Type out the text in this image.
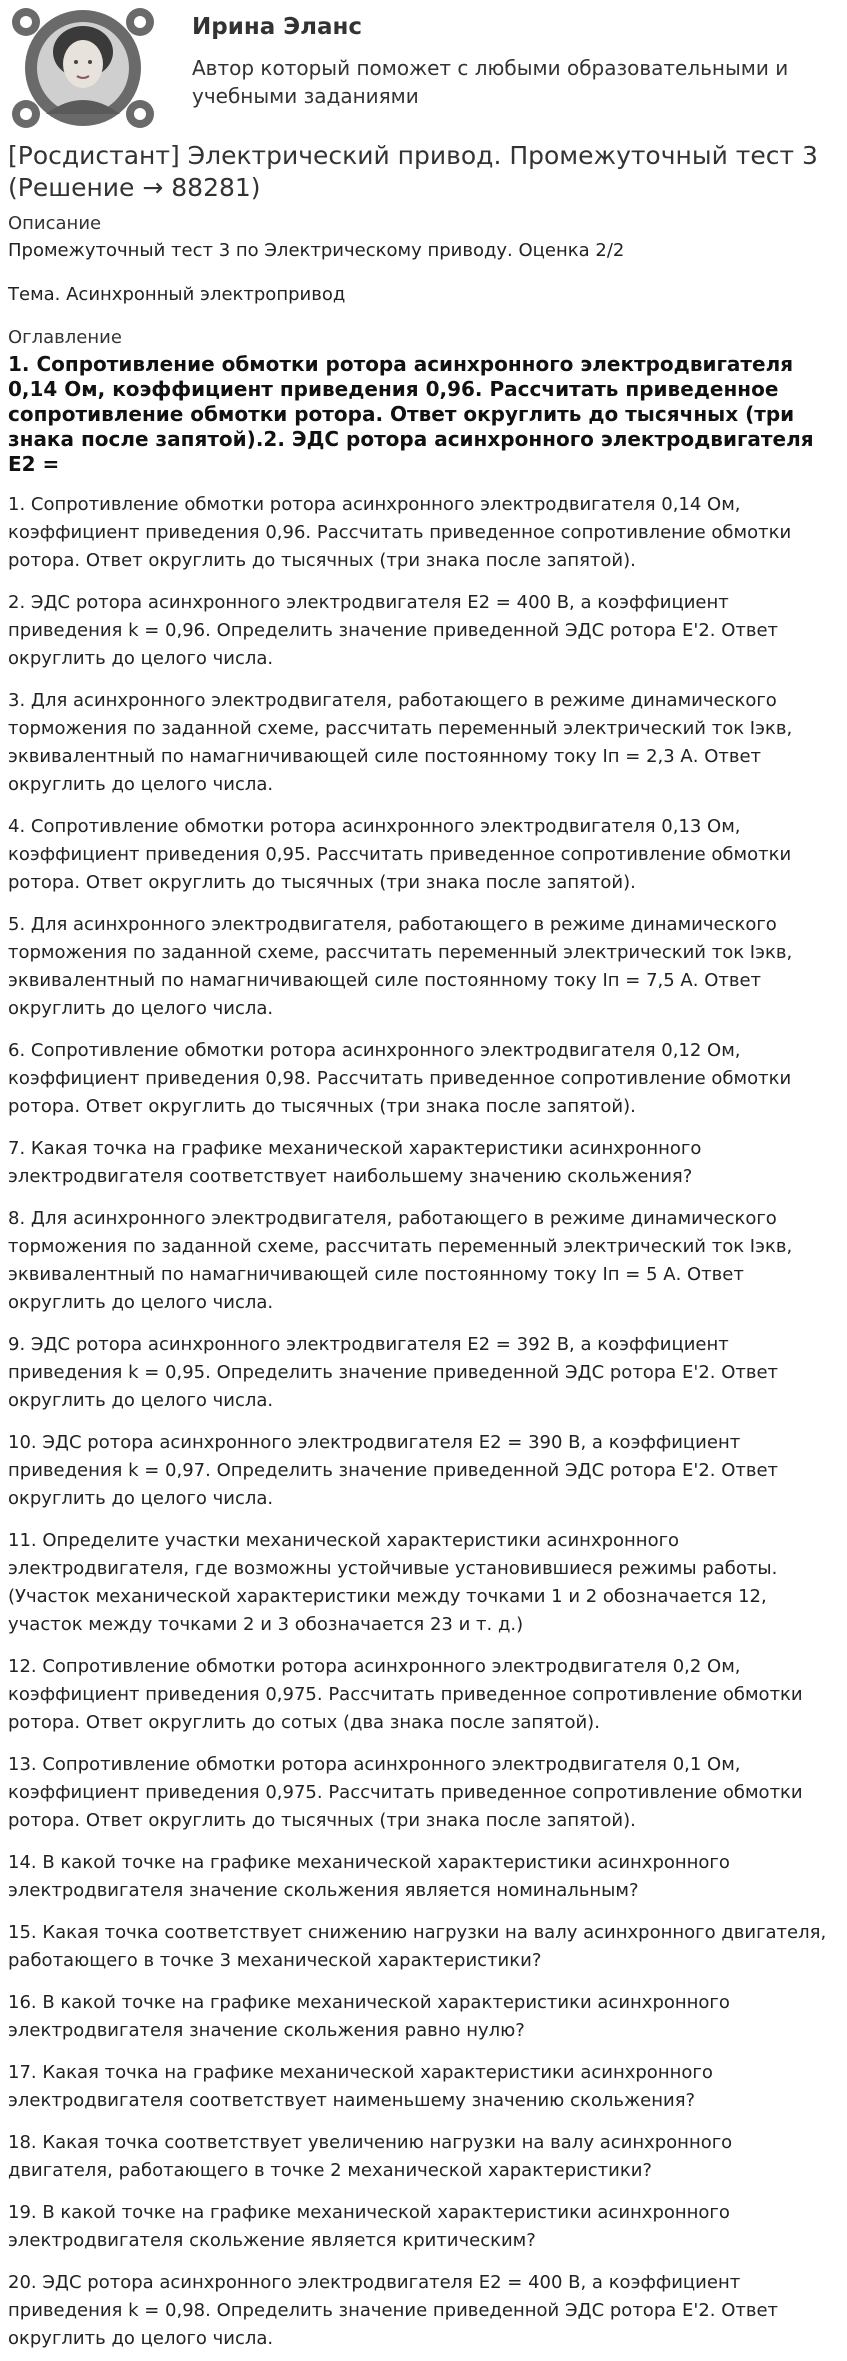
Ирина Эланс
Автор который поможет с любыми образовательными и учебными заданиями
[Росдистант] Электрический привод. Промежуточный тест 3 (Решение → 88281)
Описание
Промежуточный тест 3 по Электрическому приводу. Оценка 2/2
Тема. Асинхронный электропривод
Оглавление
1. Сопротивление обмотки ротора асинхронного электродвигателя 0,14 Ом, коэффициент приведения 0,96. Рассчитать приведенное сопротивление обмотки ротора. Ответ округлить до тысячных (три знака после запятой).2. ЭДС ротора асинхронного электродвигателя Е2 =
1. Сопротивление обмотки ротора асинхронного электродвигателя 0,14 Ом, коэффициент приведения 0,96. Рассчитать приведенное сопротивление обмотки ротора. Ответ округлить до тысячных (три знака после запятой).
2. ЭДС ротора асинхронного электродвигателя Е2 = 400 В, а коэффициент приведения k = 0,96. Определить значение приведенной ЭДС ротора Е'2. Ответ округлить до целого числа.
3. Для асинхронного электродвигателя, работающего в режиме динамического торможения по заданной схеме, рассчитать переменный электрический ток Iэкв, эквивалентный по намагничивающей силе постоянному току Iп = 2,3 А. Ответ округлить до целого числа.
4. Сопротивление обмотки ротора асинхронного электродвигателя 0,13 Ом, коэффициент приведения 0,95. Рассчитать приведенное сопротивление обмотки ротора. Ответ округлить до тысячных (три знака после запятой).
5. Для асинхронного электродвигателя, работающего в режиме динамического торможения по заданной схеме, рассчитать переменный электрический ток Iэкв, эквивалентный по намагничивающей силе постоянному току Iп = 7,5 А. Ответ округлить до целого числа.
6. Сопротивление обмотки ротора асинхронного электродвигателя 0,12 Ом, коэффициент приведения 0,98. Рассчитать приведенное сопротивление обмотки ротора. Ответ округлить до тысячных (три знака после запятой).
7. Какая точка на графике механической характеристики асинхронного электродвигателя соответствует наибольшему значению скольжения?
8. Для асинхронного электродвигателя, работающего в режиме динамического торможения по заданной схеме, рассчитать переменный электрический ток Iэкв, эквивалентный по намагничивающей силе постоянному току Iп = 5 А. Ответ округлить до целого числа.
9. ЭДС ротора асинхронного электродвигателя Е2 = 392 В, а коэффициент приведения k = 0,95. Определить значение приведенной ЭДС ротора Е'2. Ответ округлить до целого числа.
10. ЭДС ротора асинхронного электродвигателя Е2 = 390 В, а коэффициент приведения k = 0,97. Определить значение приведенной ЭДС ротора Е'2. Ответ округлить до целого числа.
11. Определите участки механической характеристики асинхронного электродвигателя, где возможны устойчивые установившиеся режимы работы. (Участок механической характеристики между точками 1 и 2 обозначается 12, участок между точками 2 и 3 обозначается 23 и т. д.)
12. Сопротивление обмотки ротора асинхронного электродвигателя 0,2 Ом, коэффициент приведения 0,975. Рассчитать приведенное сопротивление обмотки ротора. Ответ округлить до сотых (два знака после запятой).
13. Сопротивление обмотки ротора асинхронного электродвигателя 0,1 Ом, коэффициент приведения 0,975. Рассчитать приведенное сопротивление обмотки ротора. Ответ округлить до тысячных (три знака после запятой).
14. В какой точке на графике механической характеристики асинхронного электродвигателя значение скольжения является номинальным?
15. Какая точка соответствует снижению нагрузки на валу асинхронного двигателя, работающего в точке 3 механической характеристики?
16. В какой точке на графике механической характеристики асинхронного электродвигателя значение скольжения равно нулю?
17. Какая точка на графике механической характеристики асинхронного электродвигателя соответствует наименьшему значению скольжения?
18. Какая точка соответствует увеличению нагрузки на валу асинхронного двигателя, работающего в точке 2 механической характеристики?
19. В какой точке на графике механической характеристики асинхронного электродвигателя скольжение является критическим?
20. ЭДС ротора асинхронного электродвигателя Е2 = 400 В, а коэффициент приведения k = 0,98. Определить значение приведенной ЭДС ротора Е'2. Ответ округлить до целого числа.
